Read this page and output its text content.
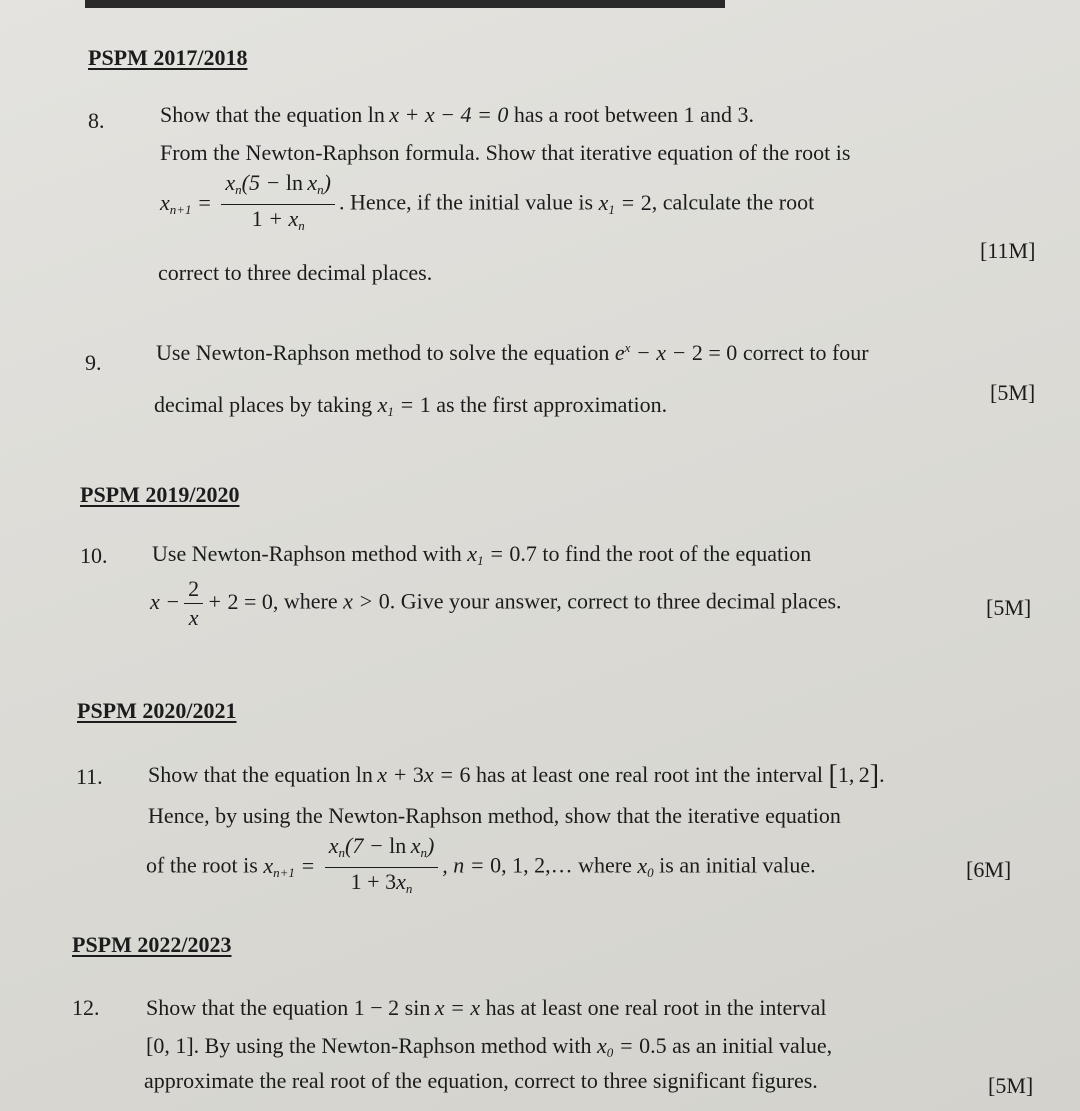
PSPM 2017/2018
8.	Show that the equation ln x + x − 4 = 0 has a root between 1 and 3.
From the Newton-Raphson formula. Show that iterative equation of the root is
$x_{n+1} = \frac{x_n(5 - \ln x_n)}{1 + x_n}$ . Hence, if the initial value is $x_1 = 2$, calculate the root
correct to three decimal places.
[11M]
9. Use Newton-Raphson method to solve the equation $e^x - x - 2 = 0$ correct to four
decimal places by taking $x_1 = 1$ as the first approximation.	[5M]
PSPM 2019/2020
10. Use Newton-Raphson method with $x_1 = 0.7$ to find the root of the equation
$x - \frac{2}{x} + 2 = 0$, where x > 0. Give your answer, correct to three decimal places.	[5M]
PSPM 2020/2021
11. Show that the equation ln x + 3x = 6 has at least one real root int the interval [1, 2].
Hence, by using the Newton-Raphson method, show that the iterative equation
of the root is $x_{n+1} = \frac{x_n(7 - \ln x_n)}{1 + 3x_n}$ , n = 0, 1, 2,… where $x_0$ is an initial value.	[6M]
PSPM 2022/2023
12. Show that the equation 1 − 2 sin x = x has at least one real root in the interval
[0, 1]. By using the Newton-Raphson method with $x_0 = 0.5$ as an initial value,
approximate the real root of the equation, correct to three significant figures.	[5M]
